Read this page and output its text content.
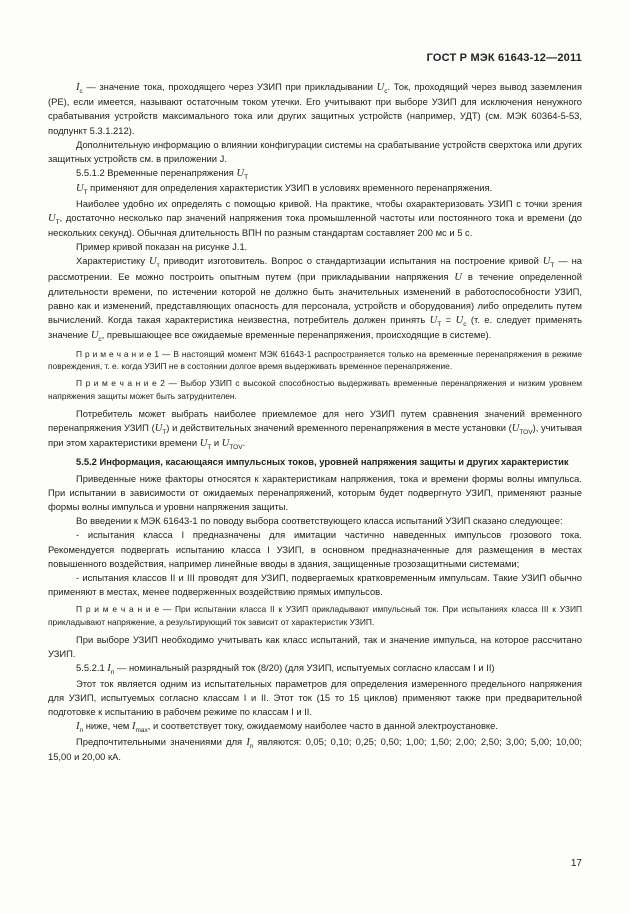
ГОСТ Р МЭК 61643-12—2011

$I_c$ — значение тока, проходящего через УЗИП при прикладывании $U_c$. Ток, проходящий через вывод заземления (PE), если имеется, называют остаточным током утечки. Его учитывают при выборе УЗИП для исключения ненужного срабатывания устройств максимального тока или других защитных устройств (например, УДТ) (см. МЭК 60364-5-53, подпункт 5.3.1.212).

Дополнительную информацию о влиянии конфигурации системы на срабатывание устройств сверхтока или других защитных устройств см. в приложении J.

5.5.1.2 Временные перенапряжения $U_T$

$U_T$ применяют для определения характеристик УЗИП в условиях временного перенапряжения.

Наиболее удобно их определять с помощью кривой. На практике, чтобы охарактеризовать УЗИП с точки зрения $U_T$, достаточно несколько пар значений напряжения тока промышленной частоты или постоянного тока и времени (до нескольких секунд). Обычная длительность ВПН по разным стандартам составляет 200 мс и 5 с.

Пример кривой показан на рисунке J.1.

Характеристику $U_т$ приводит изготовитель. Вопрос о стандартизации испытания на построение кривой $U_T$ — на рассмотрении. Ее можно построить опытным путем (при прикладывании напряжения U в течение определенной длительности времени, по истечении которой не должно быть значительных изменений в работоспособности УЗИП, равно как и изменений, представляющих опасность для персонала, устройств и оборудования) либо определить путем вычислений. Когда такая характеристика неизвестна, потребитель должен принять $U_T = U_c$ (т. е. следует применять значение $U_c$, превышающее все ожидаемые временные перенапряжения, происходящие в системе).

П р и м е ч а н и е 1 — В настоящий момент МЭК 61643-1 распространяется только на временные перенапряжения в режиме повреждения, т. е. когда УЗИП не в состоянии долгое время выдерживать временное перенапряжение.

П р и м е ч а н и е 2 — Выбор УЗИП с высокой способностью выдерживать временные перенапряжения и низким уровнем напряжения защиты может быть затруднителен.

Потребитель может выбрать наиболее приемлемое для него УЗИП путем сравнения значений временного перенапряжения УЗИП $(U_T)$ и действительных значений временного перенапряжения в месте установки $(U_{TOV})$, учитывая при этом характеристики времени $U_T$ и $U_{TOV}$.

5.5.2 Информация, касающаяся импульсных токов, уровней напряжения защиты и других характеристик

Приведенные ниже факторы относятся к характеристикам напряжения, тока и времени формы волны импульса. При испытании в зависимости от ожидаемых перенапряжений, которым будет подвергнуто УЗИП, применяют разные формы волны импульса и уровни напряжения защиты.

Во введении к МЭК 61643-1 по поводу выбора соответствующего класса испытаний УЗИП сказано следующее:

- испытания класса I предназначены для имитации частично наведенных импульсов грозового тока. Рекомендуется подвергать испытанию класса I УЗИП, в основном предназначенные для размещения в местах повышенного воздействия, например линейные вводы в здания, защищенные грозозащитными системами;

- испытания классов II и III проводят для УЗИП, подвергаемых кратковременным импульсам. Такие УЗИП обычно применяют в местах, менее подверженных воздействию прямых импульсов.

П р и м е ч а н и е — При испытании класса II к УЗИП прикладывают импульсный ток. При испытаниях класса III к УЗИП прикладывают напряжение, а результирующий ток зависит от характеристик УЗИП.

При выборе УЗИП необходимо учитывать как класс испытаний, так и значение импульса, на которое рассчитано УЗИП.

5.5.2.1 $I_n$ — номинальный разрядный ток (8/20) (для УЗИП, испытуемых согласно классам I и II)

Этот ток является одним из испытательных параметров для определения измеренного предельного напряжения для УЗИП, испытуемых согласно классам I и II. Этот ток (15 то 15 циклов) применяют также при предварительной подготовке к испытанию в рабочем режиме по классам I и II.

$I_n$ ниже, чем $I_{max}$, и соответствует току, ожидаемому наиболее часто в данной электроустановке.

Предпочтительными значениями для $I_n$ являются: 0,05; 0,10; 0,25; 0,50; 1,00; 1,50; 2,00; 2,50; 3,00; 5,00; 10,00; 15,00 и 20,00 кА.

17
